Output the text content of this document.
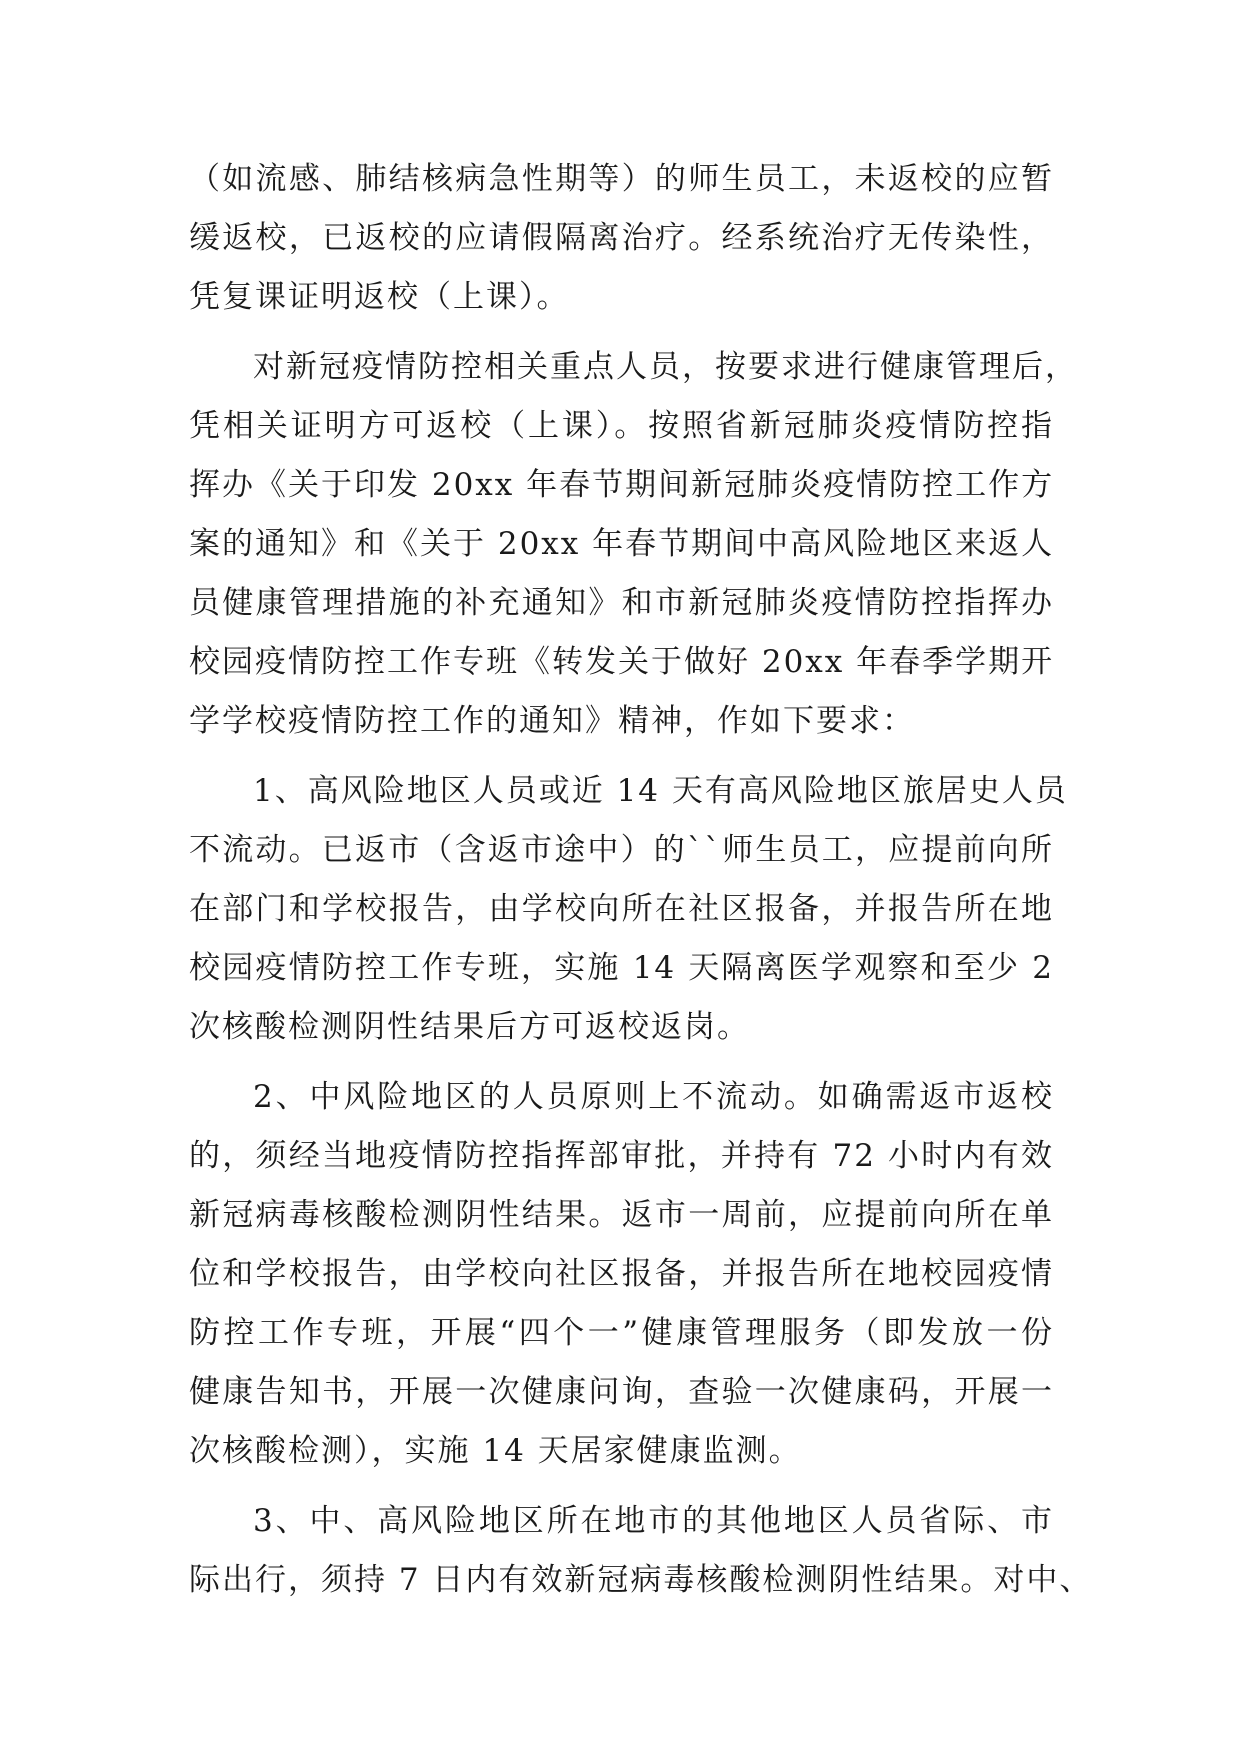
（如流感、肺结核病急性期等）的师生员工，未返校的应暂
缓返校，已返校的应请假隔离治疗。经系统治疗无传染性，
凭复课证明返校（上课）。
对新冠疫情防控相关重点人员，按要求进行健康管理后，
凭相关证明方可返校（上课）。按照省新冠肺炎疫情防控指
挥办《关于印发 20xx 年春节期间新冠肺炎疫情防控工作方
案的通知》和《关于 20xx 年春节期间中高风险地区来返人
员健康管理措施的补充通知》和市新冠肺炎疫情防控指挥办
校园疫情防控工作专班《转发关于做好 20xx 年春季学期开
学学校疫情防控工作的通知》精神，作如下要求：
1、高风险地区人员或近 14 天有高风险地区旅居史人员
不流动。已返市（含返市途中）的``师生员工，应提前向所
在部门和学校报告，由学校向所在社区报备，并报告所在地
校园疫情防控工作专班，实施 14 天隔离医学观察和至少 2
次核酸检测阴性结果后方可返校返岗。
2、中风险地区的人员原则上不流动。如确需返市返校
的，须经当地疫情防控指挥部审批，并持有 72 小时内有效
新冠病毒核酸检测阴性结果。返市一周前，应提前向所在单
位和学校报告，由学校向社区报备，并报告所在地校园疫情
防控工作专班，开展“四个一”健康管理服务（即发放一份
健康告知书，开展一次健康问询，查验一次健康码，开展一
次核酸检测），实施 14 天居家健康监测。
3、中、高风险地区所在地市的其他地区人员省际、市
际出行，须持 7 日内有效新冠病毒核酸检测阴性结果。对中、
